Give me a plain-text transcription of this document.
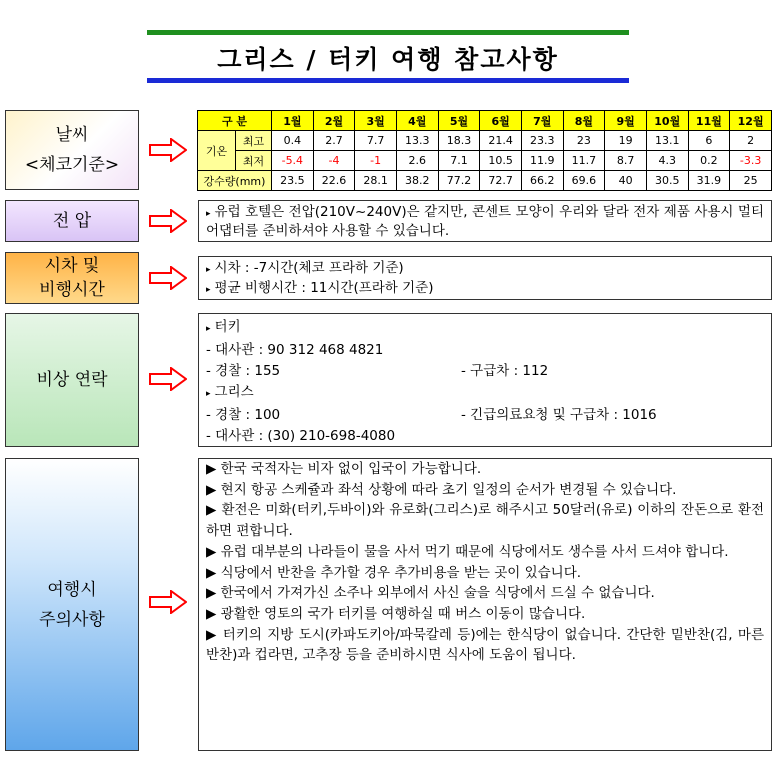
그리스 / 터키 여행 참고사항
날씨
<체코기준>
구 분		1월	2월	3월	4월	5월	6월	7월	8월	9월	10월	11월	12월
기온	최고	0.4	2.7	7.7	13.3	18.3	21.4	23.3	23	19	13.1	6	2
	최저	-5.4	-4	-1	2.6	7.1	10.5	11.9	11.7	8.7	4.3	0.2	-3.3
강수량(mm)		23.5	22.6	28.1	38.2	77.2	72.7	66.2	69.6	40	30.5	31.9	25
전 압	▸ 유럽 호텔은 전압(210V~240V)은 같지만, 콘센트 모양이 우리와 달라 전자 제품 사용시 멀티어댑터를 준비하셔야 사용할 수 있습니다.

시차 및
비행시간
▸ 시차 : -7시간(체코 프라하 기준)
▸ 평균 비행시간 : 11시간(프라하 기준)
비상 연락
▸ 터키
- 대사관 : 90 312 468 4821
- 경찰 : 155	- 구급차 : 112
▸ 그리스
- 경찰 : 100	- 긴급의료요청 및 구급차 : 1016
- 대사관 : (30) 210-698-4080
여행시
주의사항

▶ 한국 국적자는 비자 없이 입국이 가능합니다.

▶ 현지 항공 스케쥴과 좌석 상황에 따라 초기 일정의 순서가 변경될 수 있습니다.

▶ 환전은 미화(터키,두바이)와 유로화(그리스)로 해주시고 50달러(유로) 이하의 잔돈으로 환전하면 편합니다.

▶ 유럽 대부분의 나라들이 물을 사서 먹기 때문에 식당에서도 생수를 사서 드셔야 합니다.

▶ 식당에서 반찬을 추가할 경우 추가비용을 받는 곳이 있습니다.

▶ 한국에서 가져가신 소주나 외부에서 사신 술을 식당에서 드실 수 없습니다.

▶ 광활한 영토의 국가 터키를 여행하실 때 버스 이동이 많습니다.

▶ 터키의 지방 도시(카파도키아/파묵칼레 등)에는 한식당이 없습니다. 간단한 밑반찬(김, 마른반찬)과 컵라면, 고추장 등을 준비하시면 식사에 도움이 됩니다.
